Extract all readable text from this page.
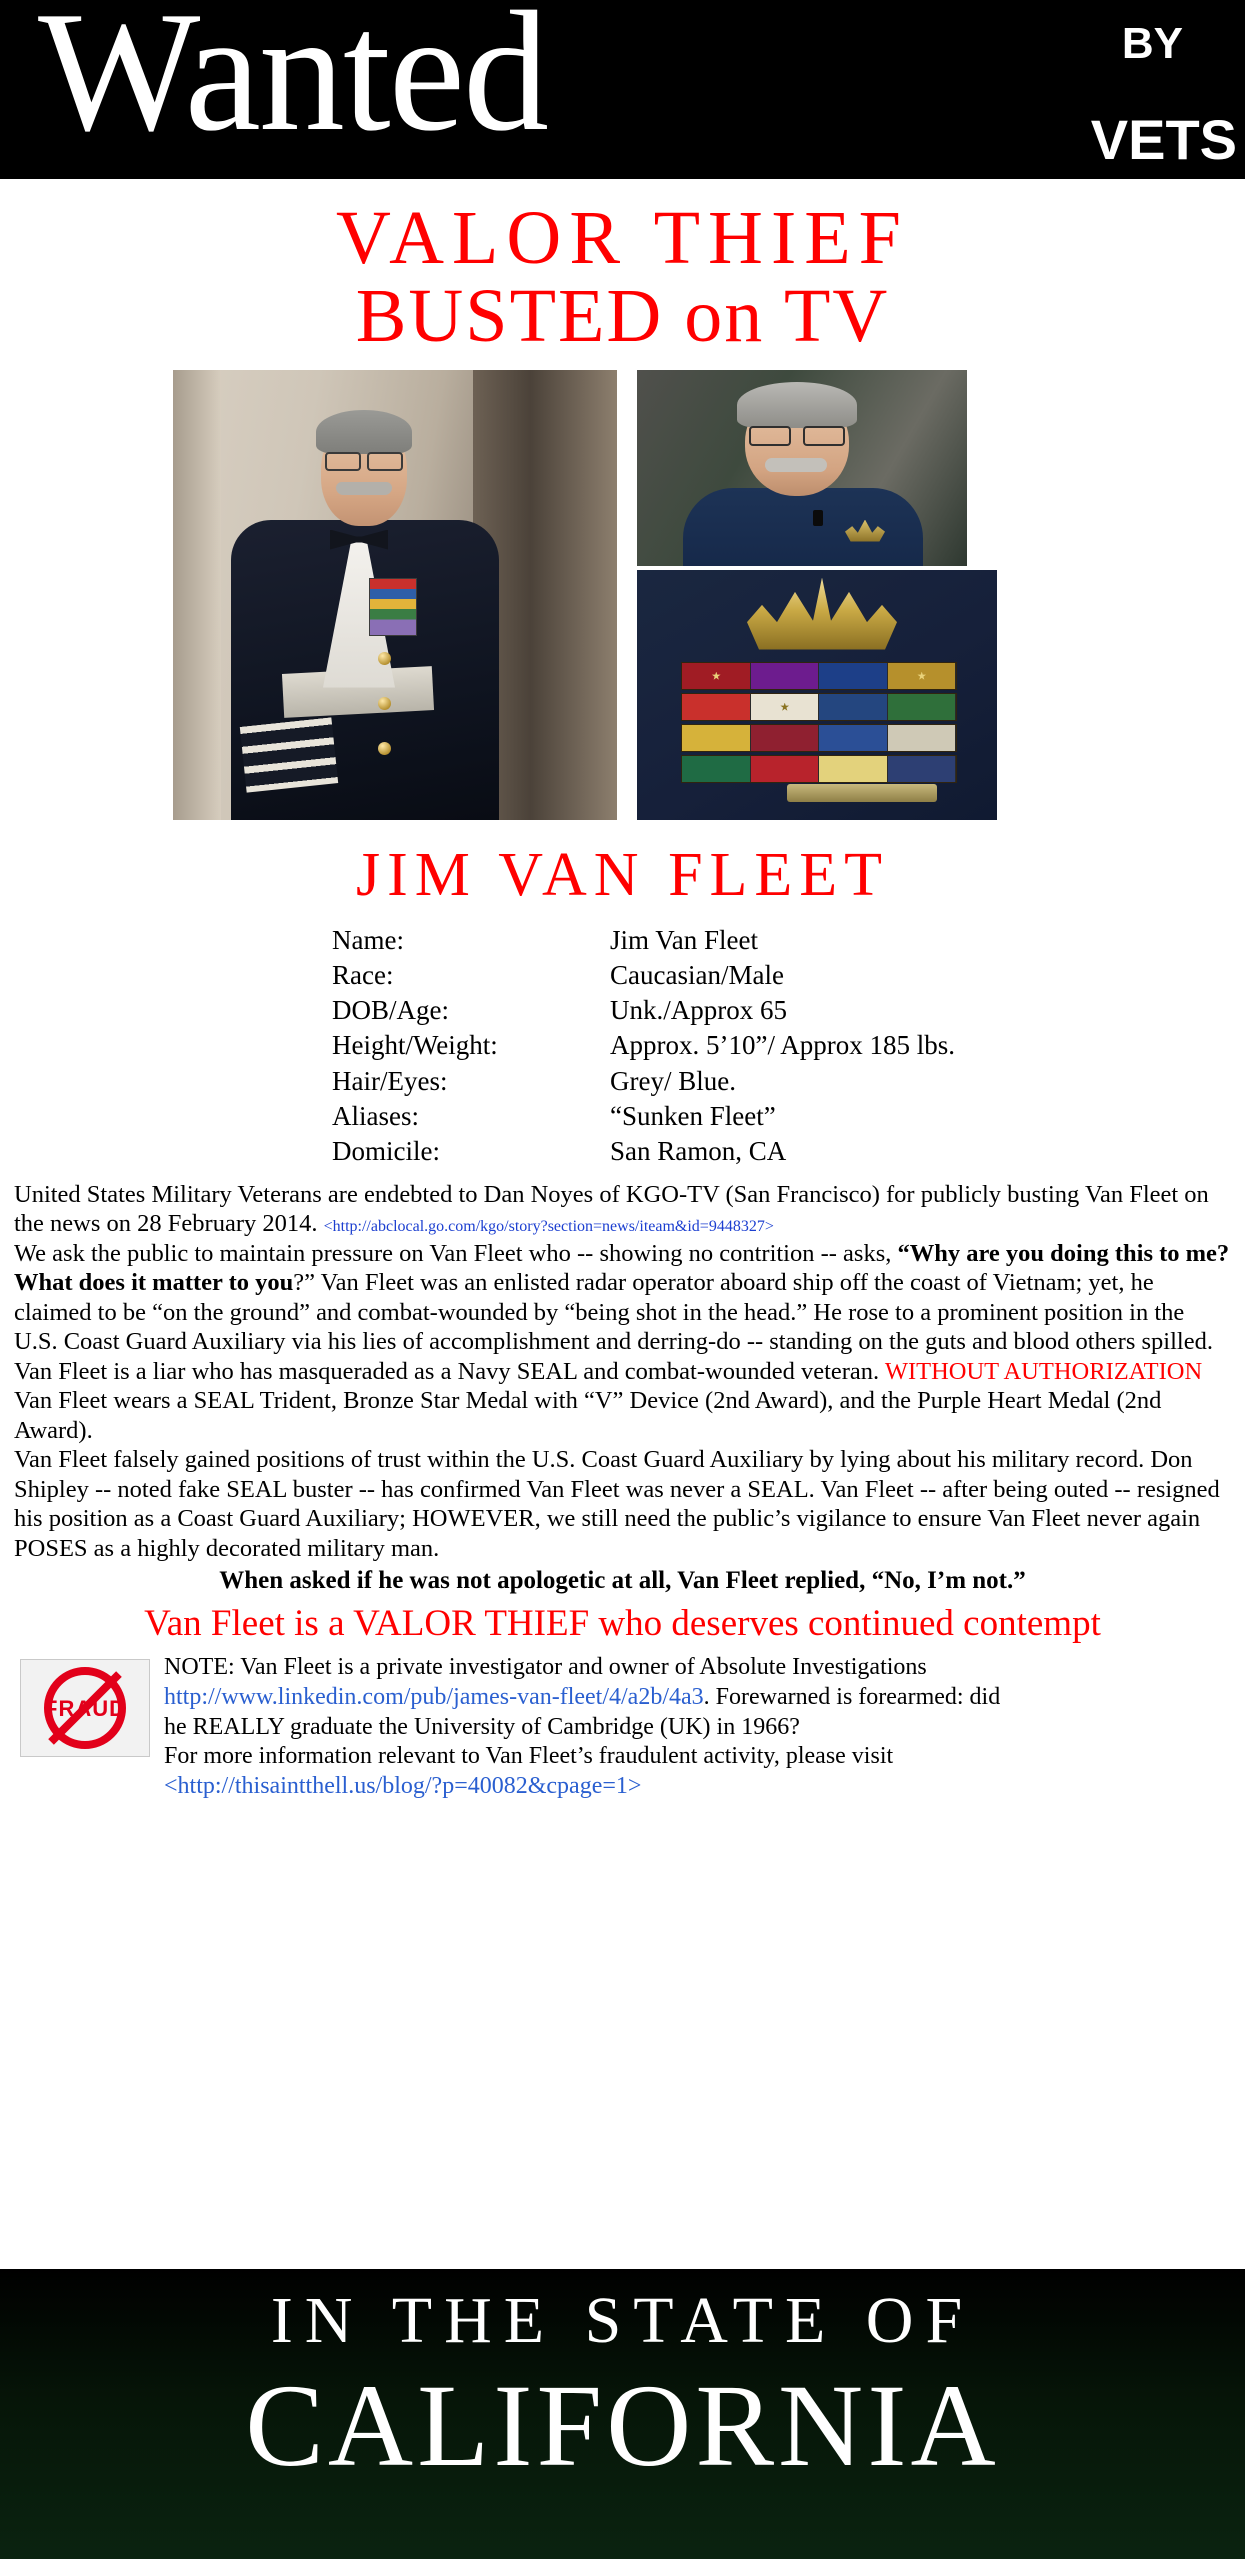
Wanted	BY
VETS
VALOR THIEF
BUSTED on TV
JIM VAN FLEET
Name:	Jim Van Fleet
Race:	Caucasian/Male
DOB/Age:	Unk./Approx 65
Height/Weight:	Approx. 5’10”/ Approx 185 lbs.
Hair/Eyes:	Grey/ Blue.
Aliases:	“Sunken Fleet”
Domicile:	San Ramon, CA

United States Military Veterans are endebted to Dan Noyes of KGO-TV (San Francisco) for publicly busting Van Fleet on the news on 28 February 2014. <http://abclocal.go.com/kgo/story?section=news/iteam&id=9448327>

We ask the public to maintain pressure on Van Fleet who -- showing no contrition -- asks, “Why are you doing this to me? What does it matter to you?” Van Fleet was an enlisted radar operator aboard ship off the coast of Vietnam; yet, he claimed to be “on the ground” and combat-wounded by “being shot in the head.” He rose to a prominent position in the U.S. Coast Guard Auxiliary via his lies of accomplishment and derring-do -- standing on the guts and blood others spilled. Van Fleet is a liar who has masqueraded as a Navy SEAL and combat-wounded veteran. WITHOUT AUTHORIZATION Van Fleet wears a SEAL Trident, Bronze Star Medal with “V” Device (2nd Award), and the Purple Heart Medal (2nd Award).

Van Fleet falsely gained positions of trust within the U.S. Coast Guard Auxiliary by lying about his military record. Don Shipley -- noted fake SEAL buster -- has confirmed Van Fleet was never a SEAL. Van Fleet -- after being outed -- resigned his position as a Coast Guard Auxiliary; HOWEVER, we still need the public’s vigilance to ensure Van Fleet never again POSES as a highly decorated military man.

When asked if he was not apologetic at all, Van Fleet replied, “No, I’m not.”
Van Fleet is a VALOR THIEF who deserves continued contempt
FRAUD
NOTE: Van Fleet is a private investigator and owner of Absolute Investigations
http://www.linkedin.com/pub/james-van-fleet/4/a2b/4a3. Forewarned is forearmed: did
he REALLY graduate the University of Cambridge (UK) in 1966?
For more information relevant to Van Fleet’s fraudulent activity, please visit
<http://thisaintthell.us/blog/?p=40082&cpage=1>
IN THE STATE OF
CALIFORNIA
